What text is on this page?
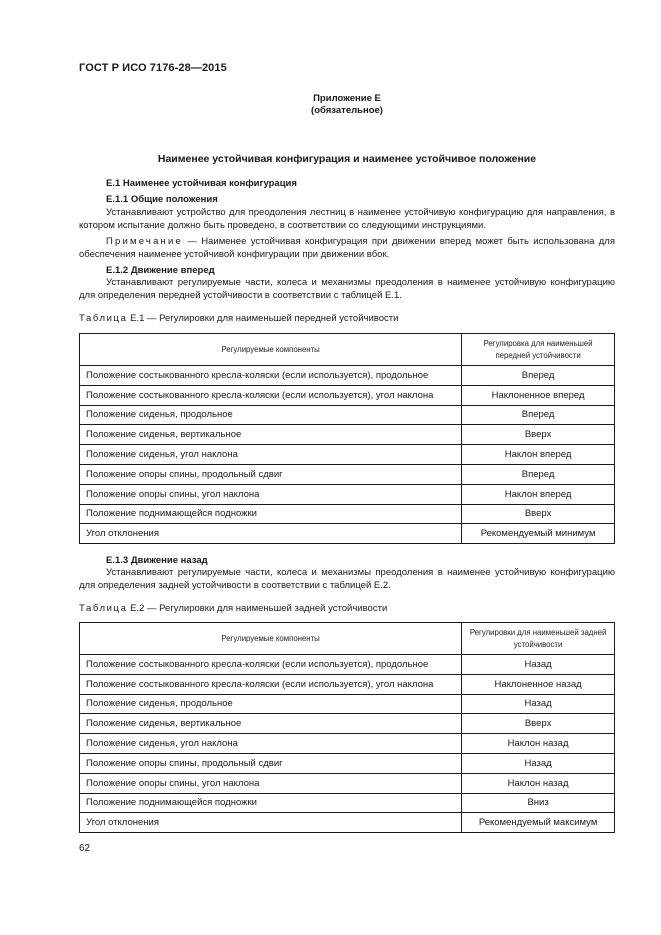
ГОСТ Р ИСО 7176-28—2015
Приложение Е
(обязательное)
Наименее устойчивая конфигурация и наименее устойчивое положение
Е.1 Наименее устойчивая конфигурация
Е.1.1 Общие положения
Устанавливают устройство для преодоления лестниц в наименее устойчивую конфигурацию для направления, в котором испытание должно быть проведено, в соответствии со следующими инструкциями.
Примечание — Наименее устойчивая конфигурация при движении вперед может быть использована для обеспечения наименее устойчивой конфигурации при движении вбок.
Е.1.2 Движение вперед
Устанавливают регулируемые части, колеса и механизмы преодоления в наименее устойчивую конфигурацию для определения передней устойчивости в соответствии с таблицей Е.1.
Таблица Е.1 — Регулировки для наименьшей передней устойчивости
Регулируемые компоненты	Регулировка для наименьшей передней устойчивости
Положение состыкованного кресла-коляски (если используется), продольное	Вперед
Положение состыкованного кресла-коляски (если используется), угол наклона	Наклоненное вперед
Положение сиденья, продольное	Вперед
Положение сиденья, вертикальное	Вверх
Положение сиденья, угол наклона	Наклон вперед
Положение опоры спины, продольный сдвиг	Вперед
Положение опоры спины, угол наклона	Наклон вперед
Положение поднимающейся подножки	Вверх
Угол отклонения	Рекомендуемый минимум
Е.1.3 Движение назад
Устанавливают регулируемые части, колеса и механизмы преодоления в наименее устойчивую конфигурацию для определения задней устойчивости в соответствии с таблицей Е.2.
Таблица Е.2 — Регулировки для наименьшей задней устойчивости
Регулируемые компоненты	Регулировки для наименьшей задней устойчивости
Положение состыкованного кресла-коляски (если используется), продольное	Назад
Положение состыкованного кресла-коляски (если используется), угол наклона	Наклоненное назад
Положение сиденья, продольное	Назад
Положение сиденья, вертикальное	Вверх
Положение сиденья, угол наклона	Наклон назад
Положение опоры спины, продольный сдвиг	Назад
Положение опоры спины, угол наклона	Наклон назад
Положение поднимающейся подножки	Вниз
Угол отклонения	Рекомендуемый максимум
62
